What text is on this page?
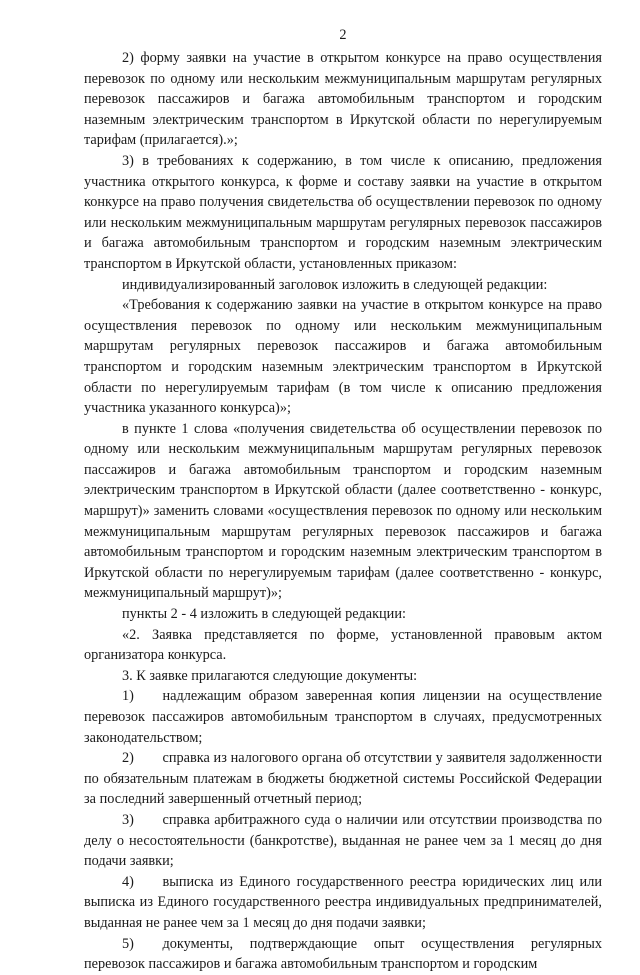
2

2) форму заявки на участие в открытом конкурсе на право осуществления перевозок по одному или нескольким межмуниципальным маршрутам регулярных перевозок пассажиров и багажа автомобильным транспортом и городским наземным электрическим транспортом в Иркутской области по нерегулируемым тарифам (прилагается).»;

3) в требованиях к содержанию, в том числе к описанию, предложения участника открытого конкурса, к форме и составу заявки на участие в открытом конкурсе на право получения свидетельства об осуществлении перевозок по одному или нескольким межмуниципальным маршрутам регулярных перевозок пассажиров и багажа автомобильным транспортом и городским наземным электрическим транспортом в Иркутской области, установленных приказом:

индивидуализированный заголовок изложить в следующей редакции:

«Требования к содержанию заявки на участие в открытом конкурсе на право осуществления перевозок по одному или нескольким межмуниципальным маршрутам регулярных перевозок пассажиров и багажа автомобильным транспортом и городским наземным электрическим транспортом в Иркутской области по нерегулируемым тарифам (в том числе к описанию предложения участника указанного конкурса)»;

в пункте 1 слова «получения свидетельства об осуществлении перевозок по одному или нескольким межмуниципальным маршрутам регулярных перевозок пассажиров и багажа автомобильным транспортом и городским наземным электрическим транспортом в Иркутской области (далее соответственно - конкурс, маршрут)» заменить словами «осуществления перевозок по одному или нескольким межмуниципальным маршрутам регулярных перевозок пассажиров и багажа автомобильным транспортом и городским наземным электрическим транспортом в Иркутской области по нерегулируемым тарифам (далее соответственно - конкурс, межмуниципальный маршрут)»;

пункты 2 - 4 изложить в следующей редакции:

«2. Заявка представляется по форме, установленной правовым актом организатора конкурса.

3. К заявке прилагаются следующие документы:

1)  надлежащим образом заверенная копия лицензии на осуществление перевозок пассажиров автомобильным транспортом в случаях, предусмотренных законодательством;

2)  справка из налогового органа об отсутствии у заявителя задолженности по обязательным платежам в бюджеты бюджетной системы Российской Федерации за последний завершенный отчетный период;

3)  справка арбитражного суда о наличии или отсутствии производства по делу о несостоятельности (банкротстве), выданная не ранее чем за 1 месяц до дня подачи заявки;

4)  выписка из Единого государственного реестра юридических лиц или выписка из Единого государственного реестра индивидуальных предпринимателей, выданная не ранее чем за 1 месяц до дня подачи заявки;

5)  документы, подтверждающие опыт осуществления регулярных перевозок пассажиров и багажа автомобильным транспортом и городским
